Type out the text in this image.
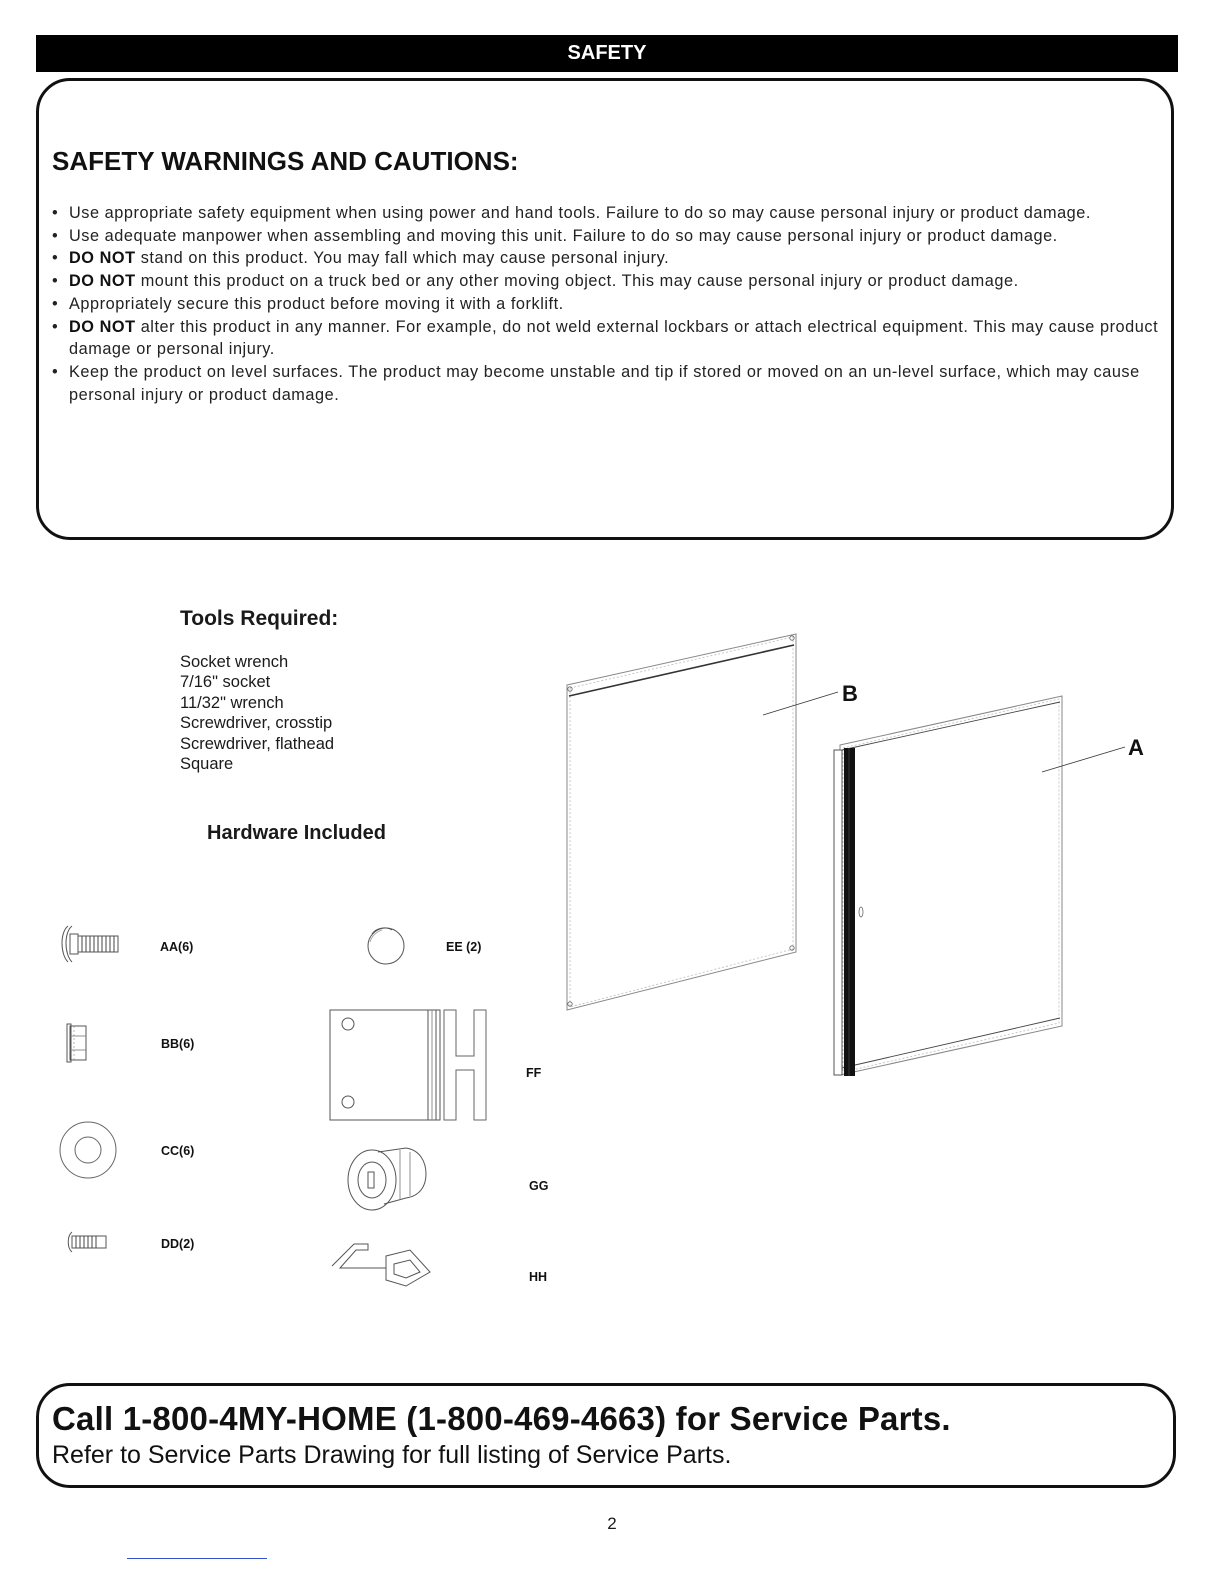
SAFETY
SAFETY WARNINGS AND CAUTIONS:
• Use appropriate safety equipment when using power and hand tools. Failure to do so may cause personal injury or product damage.
• Use adequate manpower when assembling and moving this unit. Failure to do so may cause personal injury or product damage.
• DO NOT stand on this product. You may fall which may cause personal injury.
• DO NOT mount this product on a truck bed or any other moving object. This may cause personal injury or product damage.
• Appropriately secure this product before moving it with a forklift.
• DO NOT alter this product in any manner. For example, do not weld external lockbars or attach electrical equipment. This may cause product damage or personal injury.
• Keep the product on level surfaces. The product may become unstable and tip if stored or moved on an un-level surface, which may cause personal injury or product damage.
Tools Required:
Socket wrench
7/16" socket
11/32" wrench
Screwdriver, crosstip
Screwdriver, flathead
Square
Hardware Included
B
A
AA(6)
BB(6)
CC(6)
DD(2)
EE (2)
FF
GG
HH
Call 1-800-4MY-HOME (1-800-469-4663) for Service Parts.
Refer to Service Parts Drawing for full listing of Service Parts.
2
